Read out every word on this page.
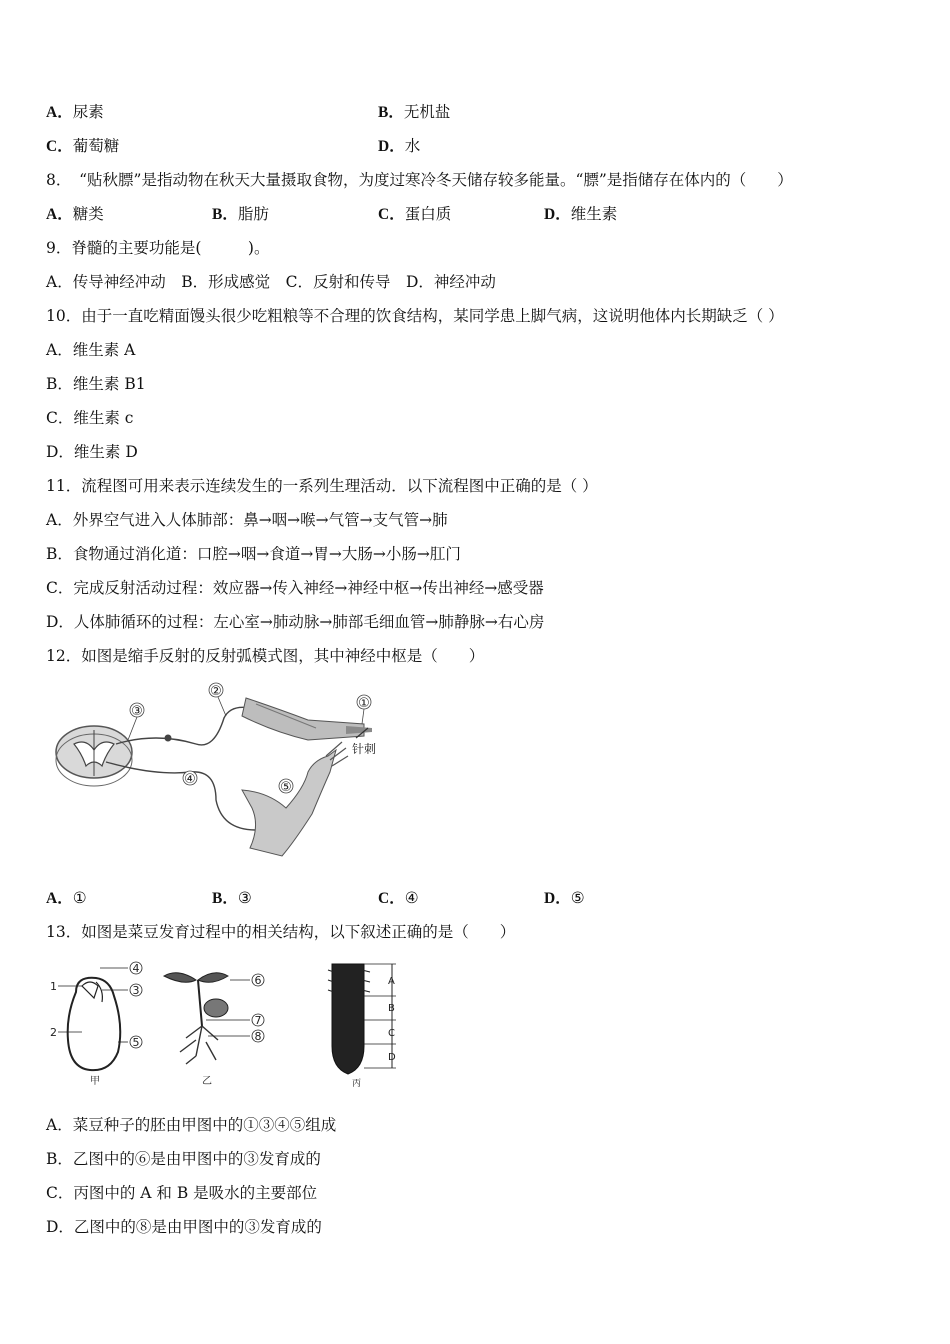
A．尿素	B．无机盐
C．葡萄糖	D．水
8．　“贴秋膘”是指动物在秋天大量摄取食物，为度过寒冷冬天储存较多能量。“膘”是指储存在体内的（　　）
A．糖类	B．脂肪	C．蛋白质	D．维生素
9．脊髓的主要功能是(　　　)。
A．传导神经冲动　B．形成感觉　C．反射和传导　D．神经冲动
10．由于一直吃精面馒头很少吃粗粮等不合理的饮食结构，某同学患上脚气病，这说明他体内长期缺乏（ ）
A．维生素 A
B．维生素 B1
C．维生素 c
D．维生素 D
11．流程图可用来表示连续发生的一系列生理活动．以下流程图中正确的是（ ）
A．外界空气进入人体肺部：鼻→咽→喉→气管→支气管→肺
B．食物通过消化道：口腔→咽→食道→胃→大肠→小肠→肛门
C．完成反射活动过程：效应器→传入神经→神经中枢→传出神经→感受器
D．人体肺循环的过程：左心室→肺动脉→肺部毛细血管→肺静脉→右心房
12．如图是缩手反射的反射弧模式图，其中神经中枢是（　　）
③
②
①
针刺
④
⑤
A．①	B．③	C．④	D．⑤
13．如图是菜豆发育过程中的相关结构，以下叙述正确的是（　　）
1
2
4
3
5
甲
6
7
8
乙
A
B
C
D
丙
A．菜豆种子的胚由甲图中的①③④⑤组成
B．乙图中的⑥是由甲图中的③发育成的
C．丙图中的 A 和 B 是吸水的主要部位
D．乙图中的⑧是由甲图中的③发育成的
